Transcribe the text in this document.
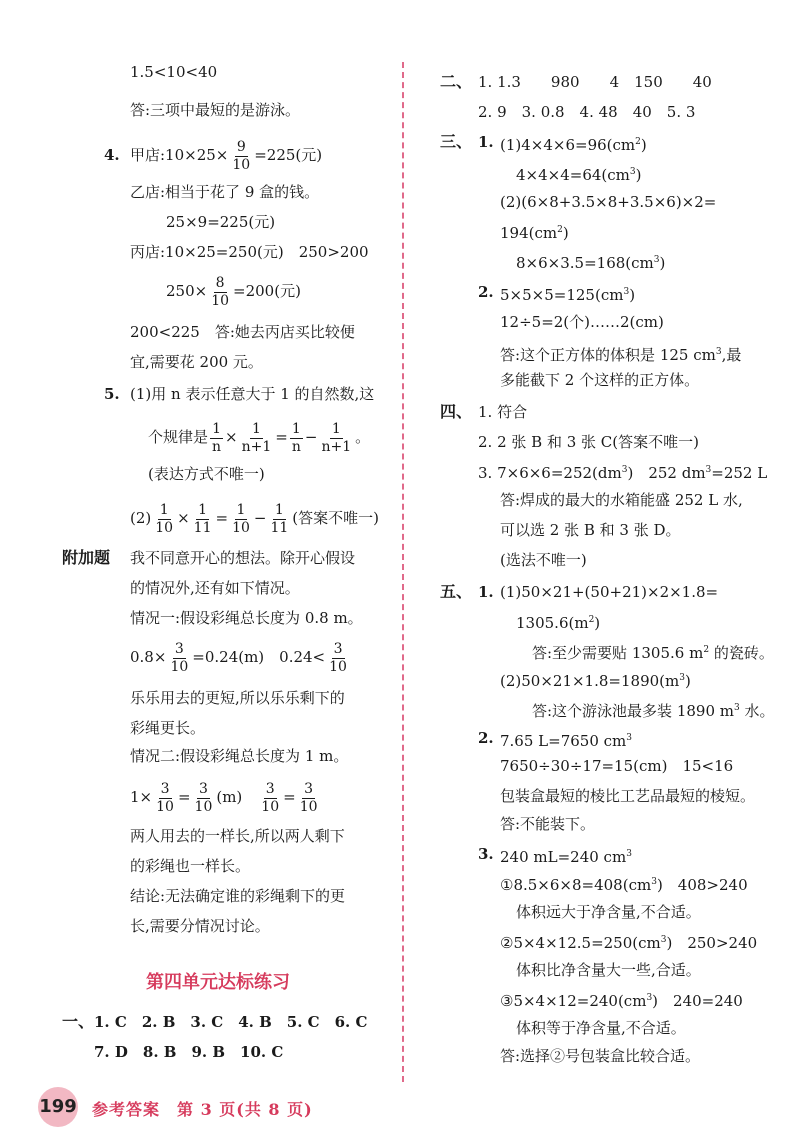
1.5<10<40
答:三项中最短的是游泳。
4. 甲店:10×25× $\frac{9}{10} =225$(元)
乙店:相当于花了 9 盒的钱。
25×9=225(元)
丙店:10×25=250(元)　250>200
$250\times \frac{8}{10} =200$(元)
200<225　答:她去丙店买比较便
宜,需要花 200 元。
5. (1)用 n 表示任意大于 1 的自然数,这
个规律是 $\frac{1}{n} \times \frac{1}{n+1} = \frac{1}{n} - \frac{1}{n+1}$ 。
(表达方式不唯一)
$(2) \frac{1}{10} \times \frac{1}{11} = \frac{1}{10} - \frac{1}{11}$ (答案不唯一)
附加题 我不同意开心的想法。除开心假设
的情况外,还有如下情况。
情况一:假设彩绳总长度为 0.8 m。
$0.8\times \frac{3}{10} =0.24(m)$　$0.24< \frac{3}{10}$
乐乐用去的更短,所以乐乐剩下的
彩绳更长。
情况二:假设彩绳总长度为 1 m。
$1\times \frac{3}{10} = \frac{3}{10} (m)$　 $\frac{3}{10} = \frac{3}{10}$
两人用去的一样长,所以两人剩下
的彩绳也一样长。
结论:无法确定谁的彩绳剩下的更
长,需要分情况讨论。
第四单元达标练习
一、 1. C　2. B　3. C　4. B　5. C　6. C
7. D　8. B　9. B　10. C
二、 1. 1.3　　980　　4　150　　40
2. 9　3. 0.8　4. 48　40　5. 3
三、 1. $(1)4\times 4\times 6=96(cm^2)$
$4\times 4\times 4=64(cm^3)$
(2)(6×8+3.5×8+3.5×6)×2=
$194(cm^2)$
$8\times 6\times 3.5=168(cm^3)$
2. $5\times 5\times 5=125(cm^3)$
12÷5=2(个)……2(cm)
答:这个正方体的体积是 125 $cm^3$,最
多能截下 2 个这样的正方体。
四、 1. 符合
2. 2 张 B 和 3 张 C(答案不唯一)
3. $7\times 6\times 6=252(dm^3)$　252 $dm^3=252$ L
答:焊成的最大的水箱能盛 252 L 水,
可以选 2 张 B 和 3 张 D。
(选法不唯一)
五、 1. (1)50×21+(50+21)×2×1.8=
$1305.6(m^2)$
答:至少需要贴 1305.6 $m^2$ 的瓷砖。
$(2)50\times 21\times 1.8=1890(m^3)$
答:这个游泳池最多装 1890 $m^3$ 水。
2. 7.65 L=7650 $cm^3$
7650÷30÷17=15(cm)　15<16
包装盒最短的棱比工艺品最短的棱短。
答:不能装下。
3. 240 mL=240 $cm^3$
$①8.5\times 6\times 8=408(cm^3)$　408>240
体积远大于净含量,不合适。
$②5\times 4\times 12.5=250(cm^3)$　250>240
体积比净含量大一些,合适。
$③5\times 4\times 12=240(cm^3)$　240=240
体积等于净含量,不合适。
答:选择②号包装盒比较合适。
199 参考答案　第 3 页(共 8 页)
